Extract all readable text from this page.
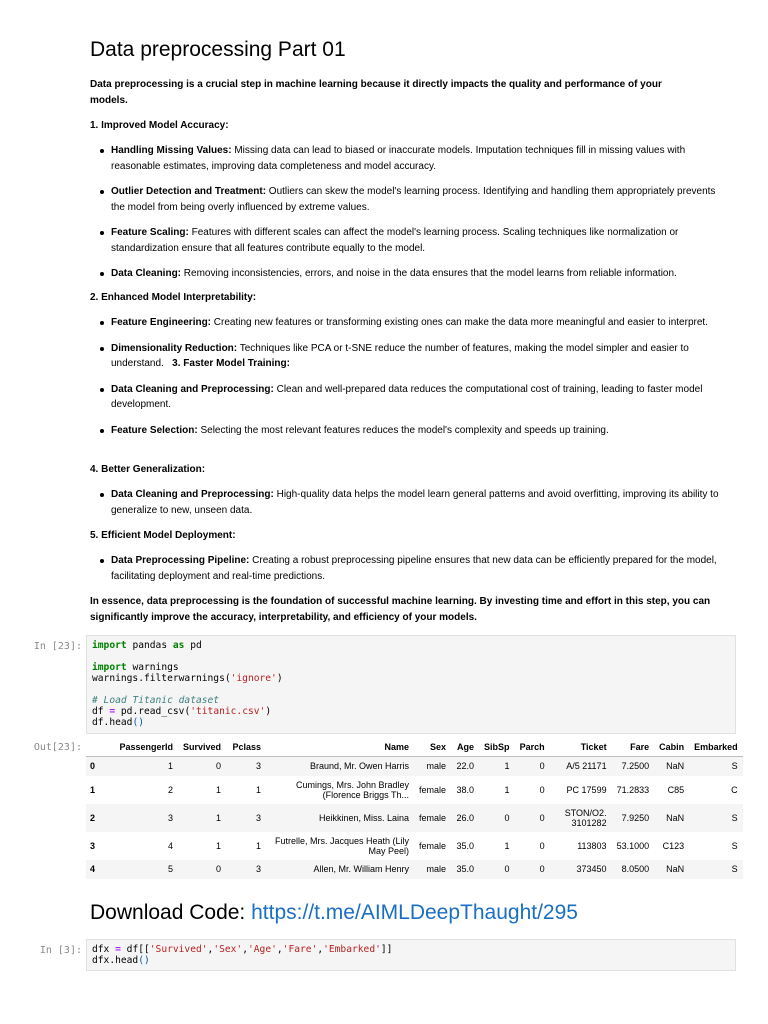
Data preprocessing Part 01
Data preprocessing is a crucial step in machine learning because it directly impacts the quality and performance of your models.
1. Improved Model Accuracy:
Handling Missing Values: Missing data can lead to biased or inaccurate models. Imputation techniques fill in missing values with reasonable estimates, improving data completeness and model accuracy.
Outlier Detection and Treatment: Outliers can skew the model's learning process. Identifying and handling them appropriately prevents the model from being overly influenced by extreme values.
Feature Scaling: Features with different scales can affect the model's learning process. Scaling techniques like normalization or standardization ensure that all features contribute equally to the model.
Data Cleaning: Removing inconsistencies, errors, and noise in the data ensures that the model learns from reliable information.
2. Enhanced Model Interpretability:
Feature Engineering: Creating new features or transforming existing ones can make the data more meaningful and easier to interpret.
Dimensionality Reduction: Techniques like PCA or t-SNE reduce the number of features, making the model simpler and easier to understand. 3. Faster Model Training:
Data Cleaning and Preprocessing: Clean and well-prepared data reduces the computational cost of training, leading to faster model development.
Feature Selection: Selecting the most relevant features reduces the model's complexity and speeds up training.
4. Better Generalization:
Data Cleaning and Preprocessing: High-quality data helps the model learn general patterns and avoid overfitting, improving its ability to generalize to new, unseen data.
5. Efficient Model Deployment:
Data Preprocessing Pipeline: Creating a robust preprocessing pipeline ensures that new data can be efficiently prepared for the model, facilitating deployment and real-time predictions.
In essence, data preprocessing is the foundation of successful machine learning. By investing time and effort in this step, you can significantly improve the accuracy, interpretability, and efficiency of your models.
In [23]:	import pandas as pd

import warnings
warnings.filterwarnings('ignore')

# Load Titanic dataset
df = pd.read_csv('titanic.csv')
df.head()
Out[23]:
		PassengerId	Survived	Pclass	Name	Sex	Age	SibSp	Parch	Ticket	Fare	Cabin	Embarked
0	1	0	3	Braund, Mr. Owen Harris	male	22.0	1	0	A/5 21171	7.2500	NaN	S
1	2	1	1	Cumings, Mrs. John Bradley (Florence Briggs Th...	female	38.0	1	0	PC 17599	71.2833	C85	C
2	3	1	3	Heikkinen, Miss. Laina	female	26.0	0	0	STON/O2. 3101282	7.9250	NaN	S
3	4	1	1	Futrelle, Mrs. Jacques Heath (Lily May Peel)	female	35.0	1	0	113803	53.1000	C123	S
4	5	0	3	Allen, Mr. William Henry	male	35.0	0	0	373450	8.0500	NaN	S
Download Code: https://t.me/AIMLDeepThaught/295
In [3]:	dfx = df[['Survived','Sex','Age','Fare','Embarked']]
dfx.head()
